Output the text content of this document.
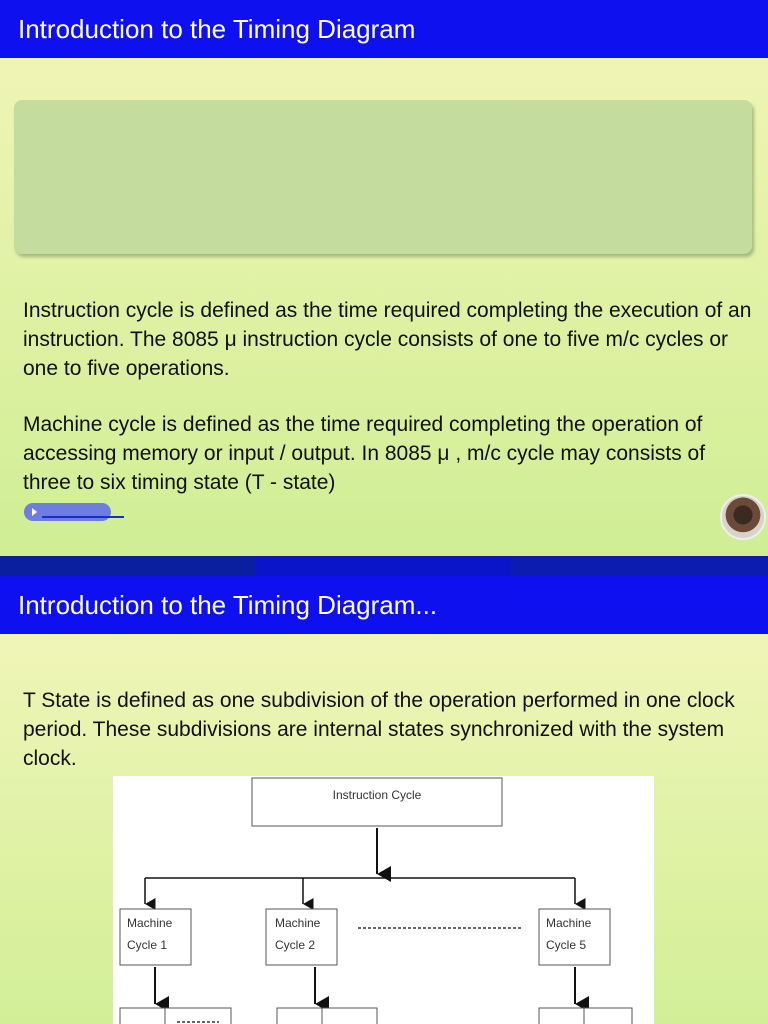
Introduction to the Timing Diagram

Instruction cycle is defined as the time required completing the execution of an instruction. The 8085 μ instruction cycle consists of one to five m/c cycles or one to five operations.

Machine cycle is defined as the time required completing the operation of accessing memory or input / output. In 8085 μ , m/c cycle may consists of three to six timing state (T - state)

Introduction to the Timing Diagram...

T State is defined as one subdivision of the operation performed in one clock period. These subdivisions are internal states synchronized with the system clock.

Instruction Cycle
Machine
Cycle 1
Machine
Cycle 2
Machine
Cycle 5
